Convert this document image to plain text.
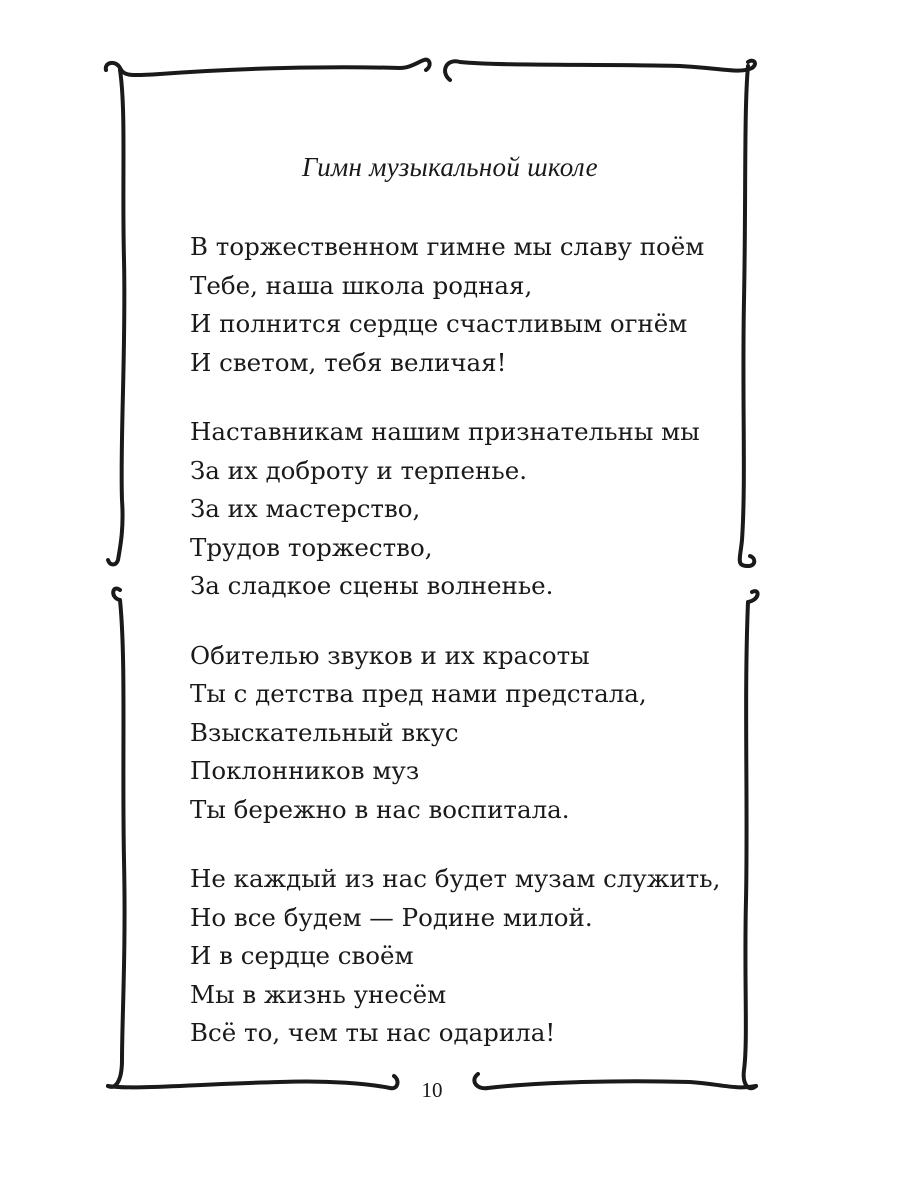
Гимн музыкальной школе

В торжественном гимне мы славу поём
Тебе, наша школа родная,
И полнится сердце счастливым огнём
И светом, тебя величая!

Наставникам нашим признательны мы
За их доброту и терпенье.
За их мастерство,
Трудов торжество,
За сладкое сцены волненье.

Обителью звуков и их красоты
Ты с детства пред нами предстала,
Взыскательный вкус
Поклонников муз
Ты бережно в нас воспитала.

Не каждый из нас будет музам служить,
Но все будем — Родине милой.
И в сердце своём
Мы в жизнь унесём
Всё то, чем ты нас одарила!

10
